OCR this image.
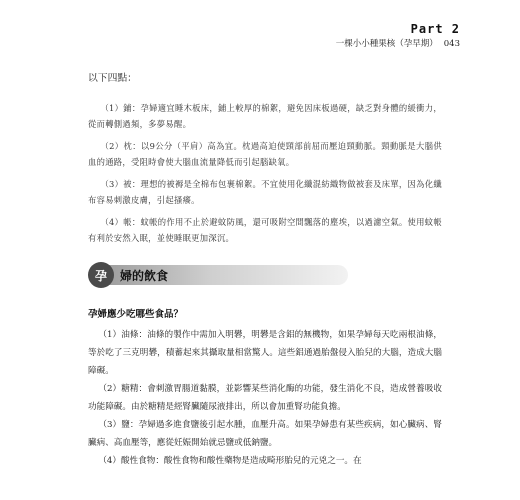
Part 2
一棵小小種果核（孕早期） 043
以下四點：

（1）鋪：孕婦適宜睡木板床，鋪上較厚的棉絮，避免因床板過硬，缺乏對身體的緩衝力，從而轉側過頻，多夢易醒。

（2）枕：以9公分（平肩）高為宜。枕過高迫使頸部前屈而壓迫頸動脈。頸動脈是大腦供血的通路，受阻時會使大腦血流量降低而引起腦缺氧。

（3）被：理想的被褥是全棉布包裹棉絮。不宜使用化纖混紡織物做被套及床單，因為化纖布容易刺激皮膚，引起搔癢。

（4）帳：蚊帳的作用不止於避蚊防風，還可吸附空間飄落的塵埃，以過濾空氣。使用蚊帳有利於安然入眠，並使睡眠更加深沉。

孕	婦的飲食
孕婦應少吃哪些食品？

（1）油條：油條的製作中需加入明礬，明礬是含鋁的無機物，如果孕婦每天吃兩根油條，等於吃了三克明礬，積蓄起來其攝取量相當驚人。這些鋁通過胎盤侵入胎兒的大腦，造成大腦障礙。

（2）糖精：會刺激胃腸道黏膜，並影響某些消化酶的功能，發生消化不良，造成營養吸收功能障礙。由於糖精是經腎臟隨尿液排出，所以會加重腎功能負擔。

（3）鹽：孕婦過多進食鹽後引起水腫，血壓升高。如果孕婦患有某些疾病，如心臟病、腎臟病、高血壓等，應從妊娠開始就忌鹽或低鈉鹽。

（4）酸性食物：酸性食物和酸性藥物是造成畸形胎兒的元兇之一。在
